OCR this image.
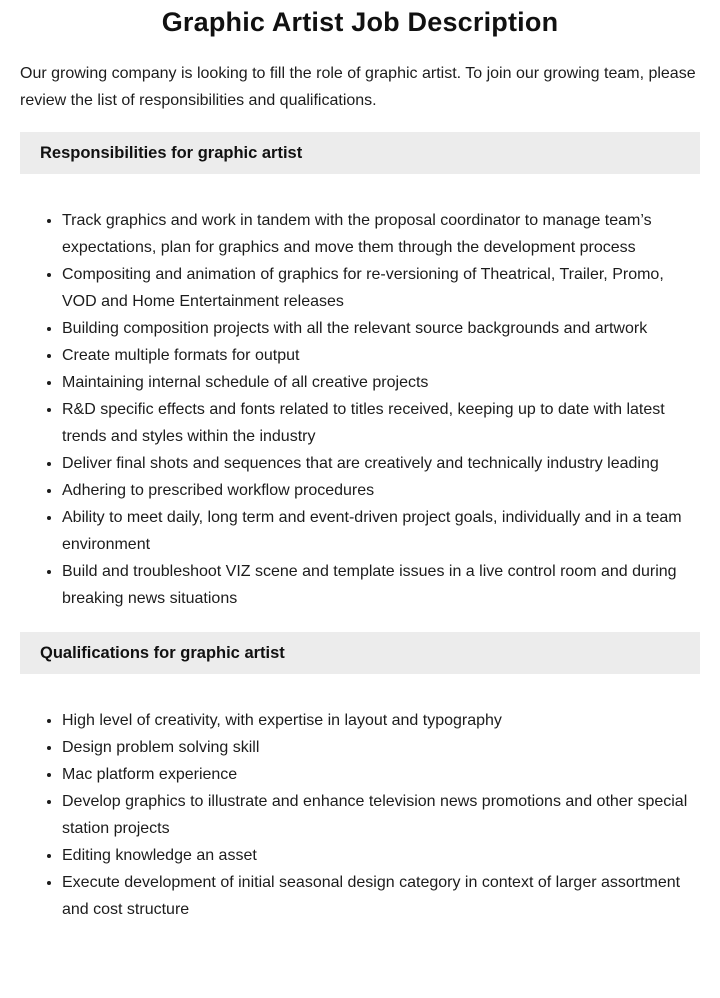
Graphic Artist Job Description

Our growing company is looking to fill the role of graphic artist. To join our growing team, please review the list of responsibilities and qualifications.

Responsibilities for graphic artist
• Track graphics and work in tandem with the proposal coordinator to manage team’s expectations, plan for graphics and move them through the development process
• Compositing and animation of graphics for re-versioning of Theatrical, Trailer, Promo, VOD and Home Entertainment releases
• Building composition projects with all the relevant source backgrounds and artwork
• Create multiple formats for output
• Maintaining internal schedule of all creative projects
• R&D specific effects and fonts related to titles received, keeping up to date with latest trends and styles within the industry
• Deliver final shots and sequences that are creatively and technically industry leading
• Adhering to prescribed workflow procedures
• Ability to meet daily, long term and event-driven project goals, individually and in a team environment
• Build and troubleshoot VIZ scene and template issues in a live control room and during breaking news situations
Qualifications for graphic artist
• High level of creativity, with expertise in layout and typography
• Design problem solving skill
• Mac platform experience
• Develop graphics to illustrate and enhance television news promotions and other special station projects
• Editing knowledge an asset
• Execute development of initial seasonal design category in context of larger assortment and cost structure
